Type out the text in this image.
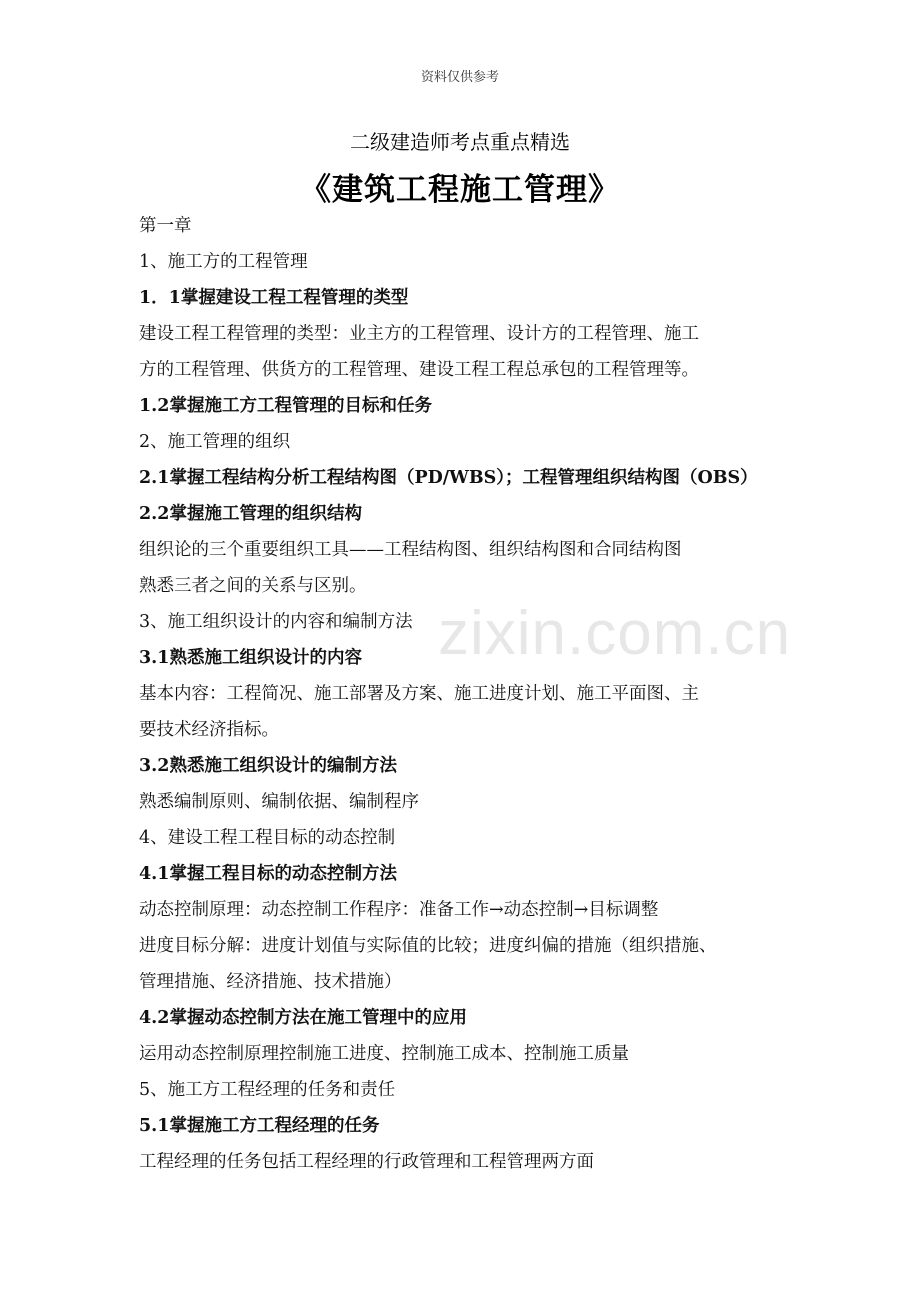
资料仅供参考
二级建造师考点重点精选
《建筑工程施工管理》
zixin.com.cn
第一章
1、施工方的工程管理
1．1掌握建设工程工程管理的类型
建设工程工程管理的类型：业主方的工程管理、设计方的工程管理、施工
方的工程管理、供货方的工程管理、建设工程工程总承包的工程管理等。
1.2掌握施工方工程管理的目标和任务
2、施工管理的组织
2.1掌握工程结构分析工程结构图（PD/WBS）；工程管理组织结构图（OBS）
2.2掌握施工管理的组织结构
组织论的三个重要组织工具——工程结构图、组织结构图和合同结构图
熟悉三者之间的关系与区别。
3、施工组织设计的内容和编制方法
3.1熟悉施工组织设计的内容
基本内容：工程简况、施工部署及方案、施工进度计划、施工平面图、主
要技术经济指标。
3.2熟悉施工组织设计的编制方法
熟悉编制原则、编制依据、编制程序
4、建设工程工程目标的动态控制
4.1掌握工程目标的动态控制方法
动态控制原理：动态控制工作程序：准备工作→动态控制→目标调整
进度目标分解：进度计划值与实际值的比较；进度纠偏的措施（组织措施、
管理措施、经济措施、技术措施）
4.2掌握动态控制方法在施工管理中的应用
运用动态控制原理控制施工进度、控制施工成本、控制施工质量
5、施工方工程经理的任务和责任
5.1掌握施工方工程经理的任务
工程经理的任务包括工程经理的行政管理和工程管理两方面
